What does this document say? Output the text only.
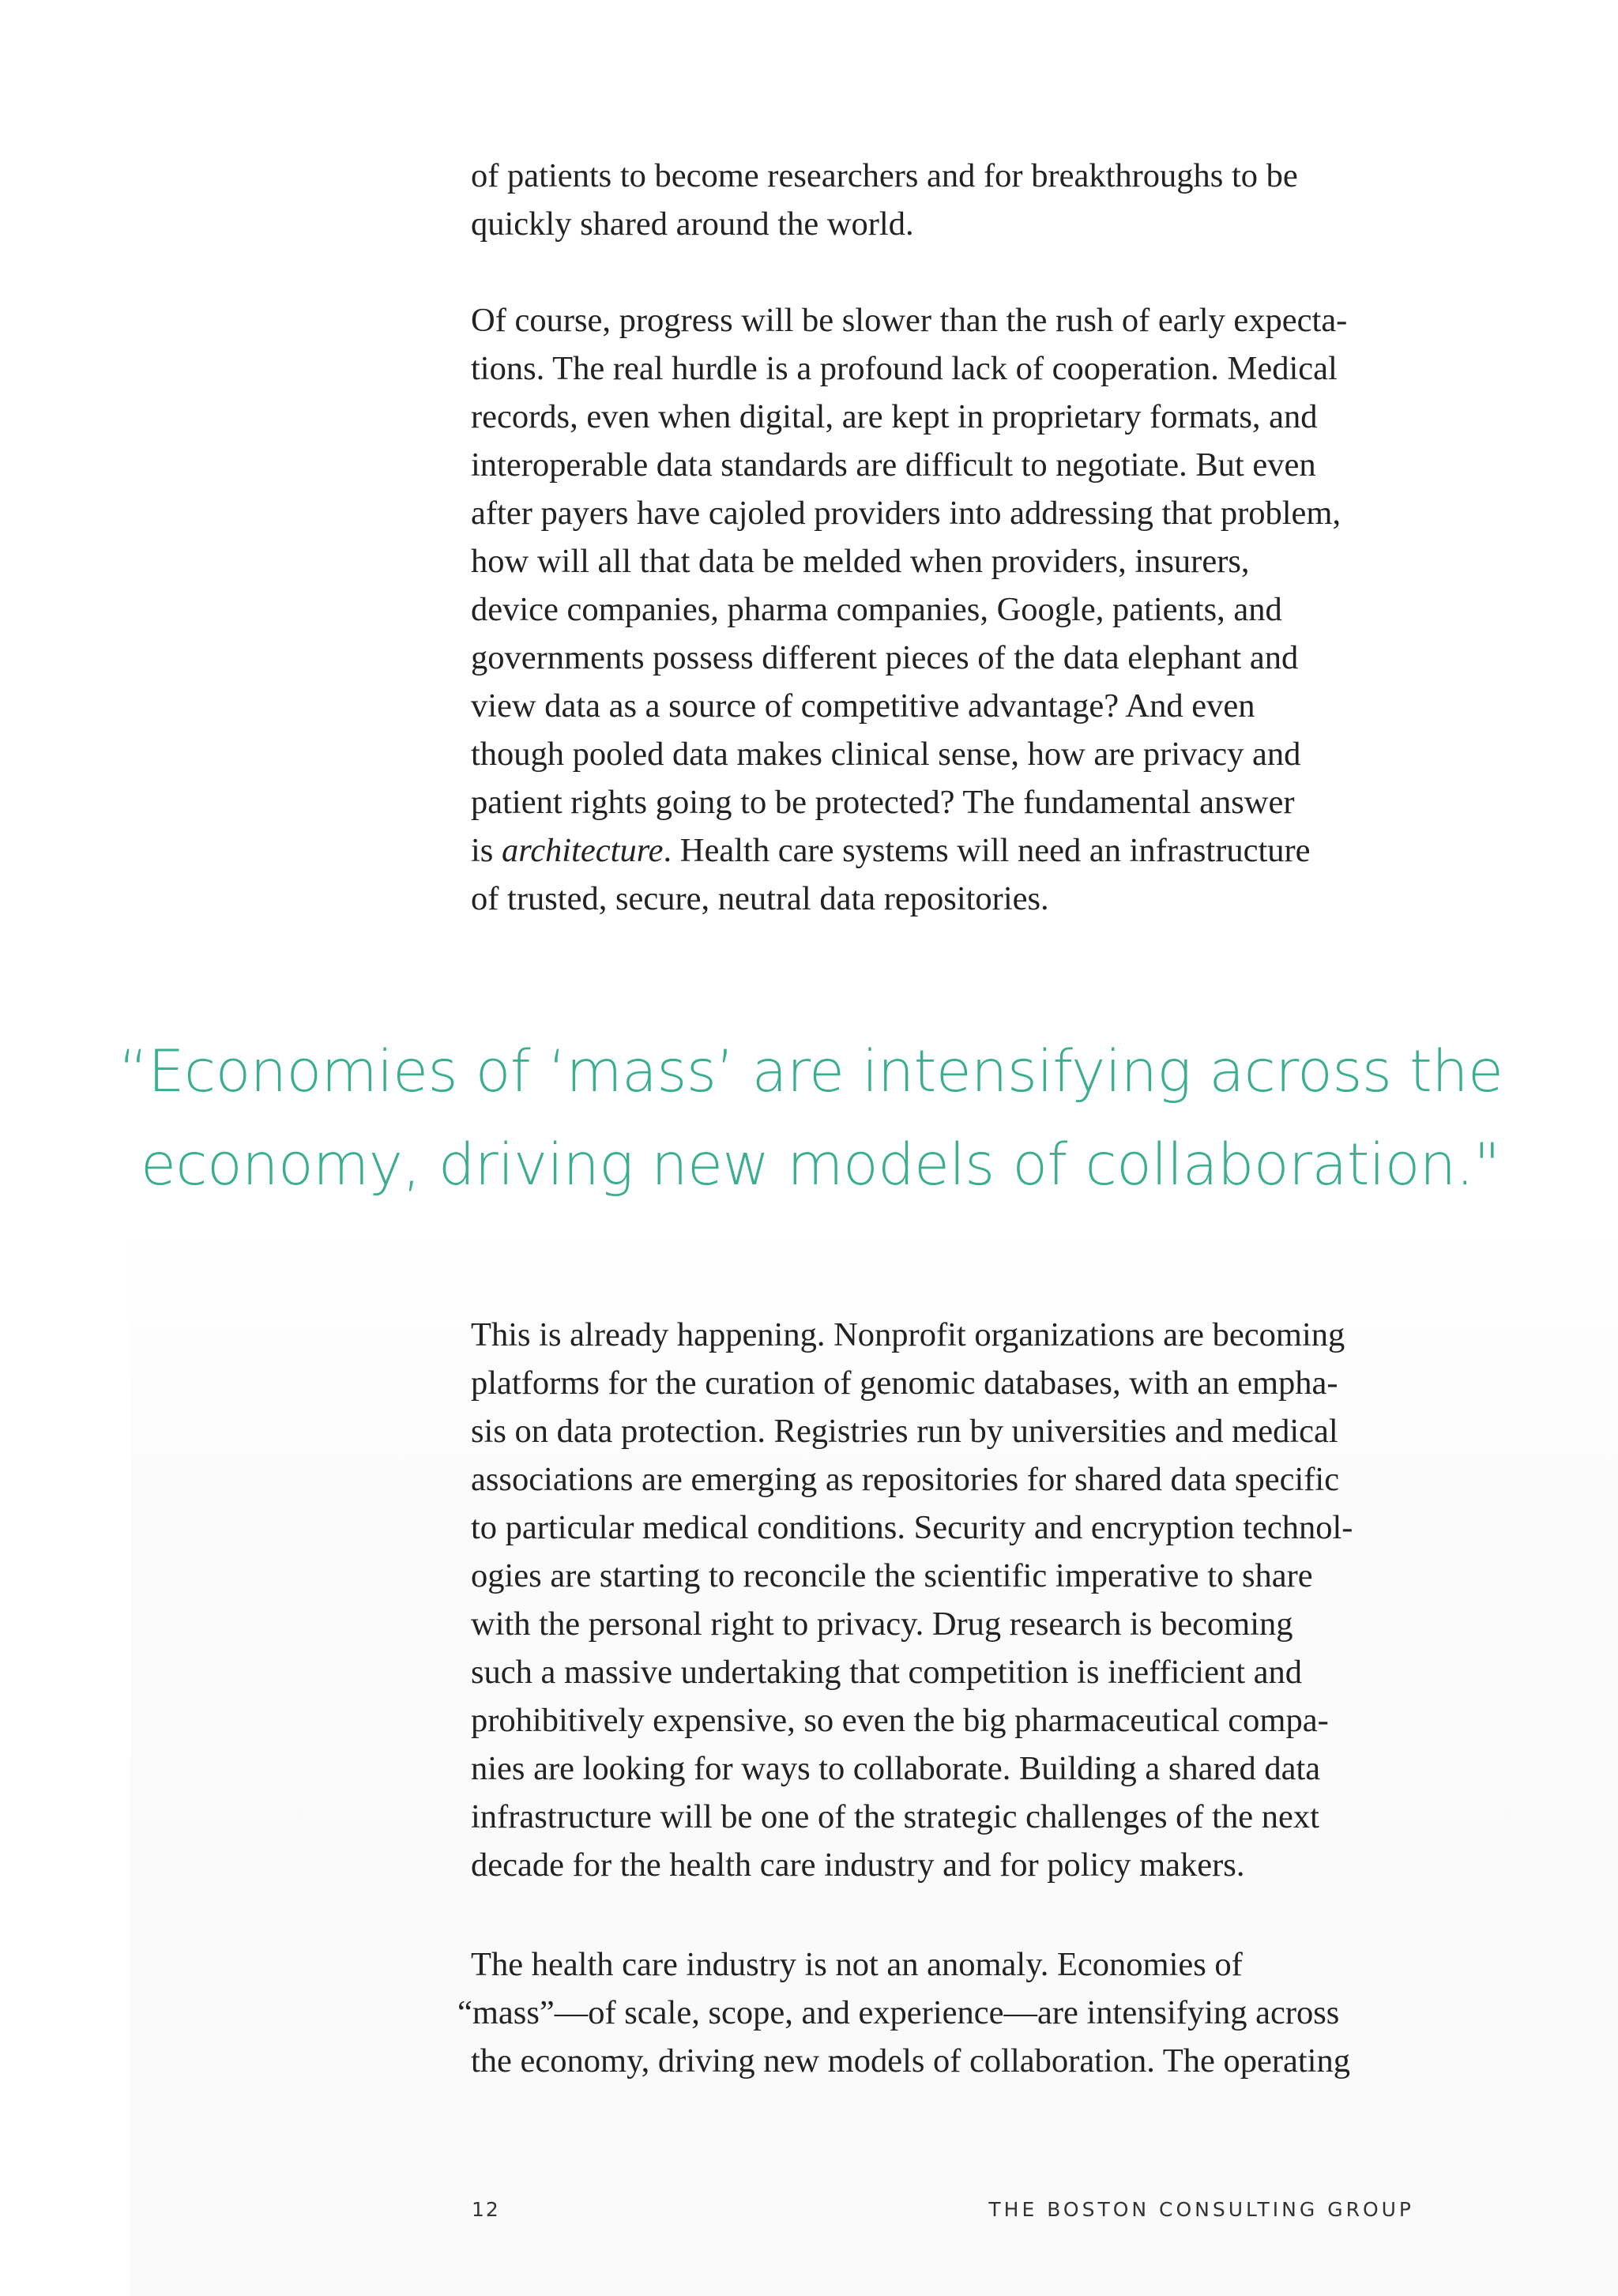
of patients to become researchers and for breakthroughs to be
quickly shared around the world.
Of course, progress will be slower than the rush of early expecta-
tions. The real hurdle is a profound lack of cooperation. Medical
records, even when digital, are kept in proprietary formats, and
interoperable data standards are difficult to negotiate. But even
after payers have cajoled providers into addressing that problem,
how will all that data be melded when providers, insurers,
device companies, pharma companies, Google, patients, and
governments possess different pieces of the data elephant and
view data as a source of competitive advantage? And even
though pooled data makes clinical sense, how are privacy and
patient rights going to be protected? The fundamental answer
is architecture. Health care systems will need an infrastructure
of trusted, secure, neutral data repositories.
“Economies of ‘mass’ are intensifying across the
economy, driving new models of collaboration."
This is already happening. Nonprofit organizations are becoming
platforms for the curation of genomic databases, with an empha-
sis on data protection. Registries run by universities and medical
associations are emerging as repositories for shared data specific
to particular medical conditions. Security and encryption technol-
ogies are starting to reconcile the scientific imperative to share
with the personal right to privacy. Drug research is becoming
such a massive undertaking that competition is inefficient and
prohibitively expensive, so even the big pharmaceutical compa-
nies are looking for ways to collaborate. Building a shared data
infrastructure will be one of the strategic challenges of the next
decade for the health care industry and for policy makers.
The health care industry is not an anomaly. Economies of
“mass”—of scale, scope, and experience—are intensifying across
the economy, driving new models of collaboration. The operating
12	THE BOSTON CONSULTING GROUP
